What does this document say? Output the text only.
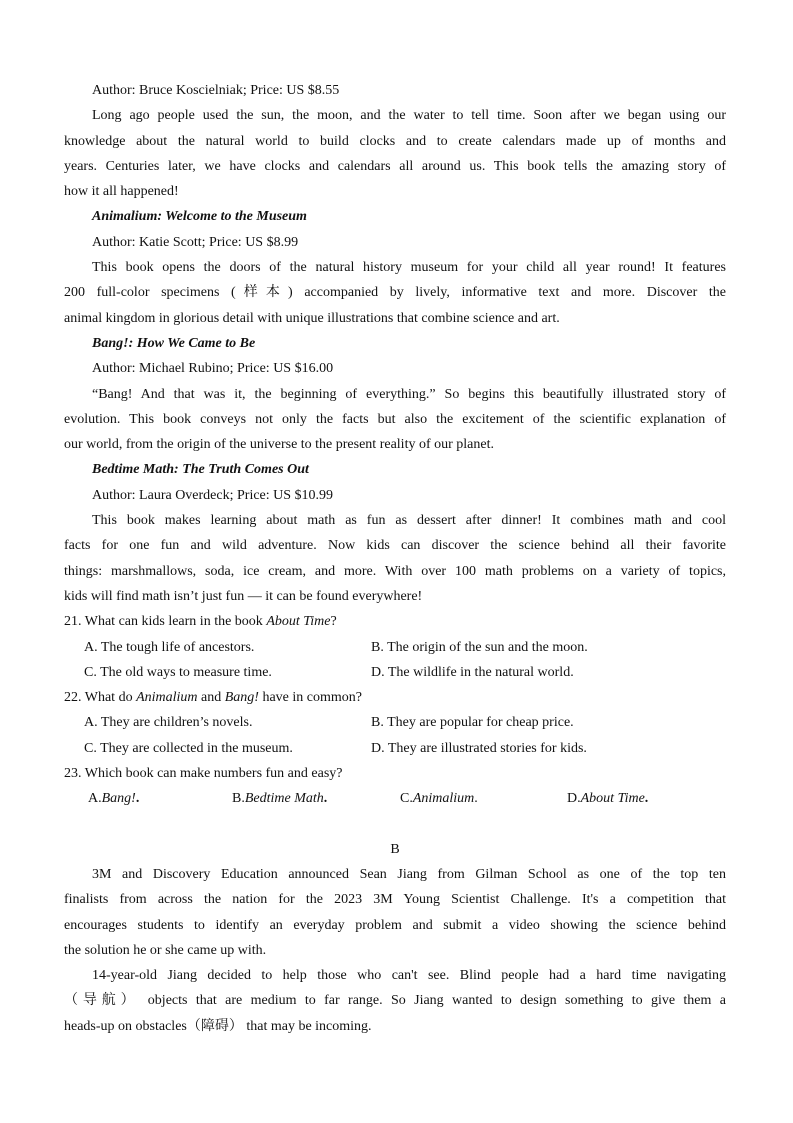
Author: Bruce Koscielniak; Price: US $8.55
Long ago people used the sun, the moon, and the water to tell time. Soon after we began using our
knowledge about the natural world to build clocks and to create calendars made up of months and
years. Centuries later, we have clocks and calendars all around us. This book tells the amazing story of
how it all happened!
Animalium: Welcome to the Museum
Author: Katie Scott; Price: US $8.99
This book opens the doors of the natural history museum for your child all year round! It features
200 full-color specimens (样本) accompanied by lively, informative text and more. Discover the
animal kingdom in glorious detail with unique illustrations that combine science and art.
Bang!: How We Came to Be
Author: Michael Rubino; Price: US $16.00
“Bang! And that was it, the beginning of everything.” So begins this beautifully illustrated story of
evolution. This book conveys not only the facts but also the excitement of the scientific explanation of
our world, from the origin of the universe to the present reality of our planet.
Bedtime Math: The Truth Comes Out
Author: Laura Overdeck; Price: US $10.99
This book makes learning about math as fun as dessert after dinner! It combines math and cool
facts for one fun and wild adventure. Now kids can discover the science behind all their favorite
things: marshmallows, soda, ice cream, and more. With over 100 math problems on a variety of topics,
kids will find math isn’t just fun — it can be found everywhere!
21. What can kids learn in the book About Time?
A. The tough life of ancestors.	B. The origin of the sun and the moon.
C. The old ways to measure time.	D. The wildlife in the natural world.
22. What do Animalium and Bang! have in common?
A. They are children’s novels.	B. They are popular for cheap price.
C. They are collected in the museum.	D. They are illustrated stories for kids.
23. Which book can make numbers fun and easy?
A.Bang!.	B.Bedtime Math.	C.Animalium.	D.About Time.
B
3M and Discovery Education announced Sean Jiang from Gilman School as one of the top ten
finalists from across the nation for the 2023 3M Young Scientist Challenge. It's a competition that
encourages students to identify an everyday problem and submit a video showing the science behind
the solution he or she came up with.
14-year-old Jiang decided to help those who can't see. Blind people had a hard time navigating
（导航） objects that are medium to far range. So Jiang wanted to design something to give them a
heads-up on obstacles（障碍） that may be incoming.
